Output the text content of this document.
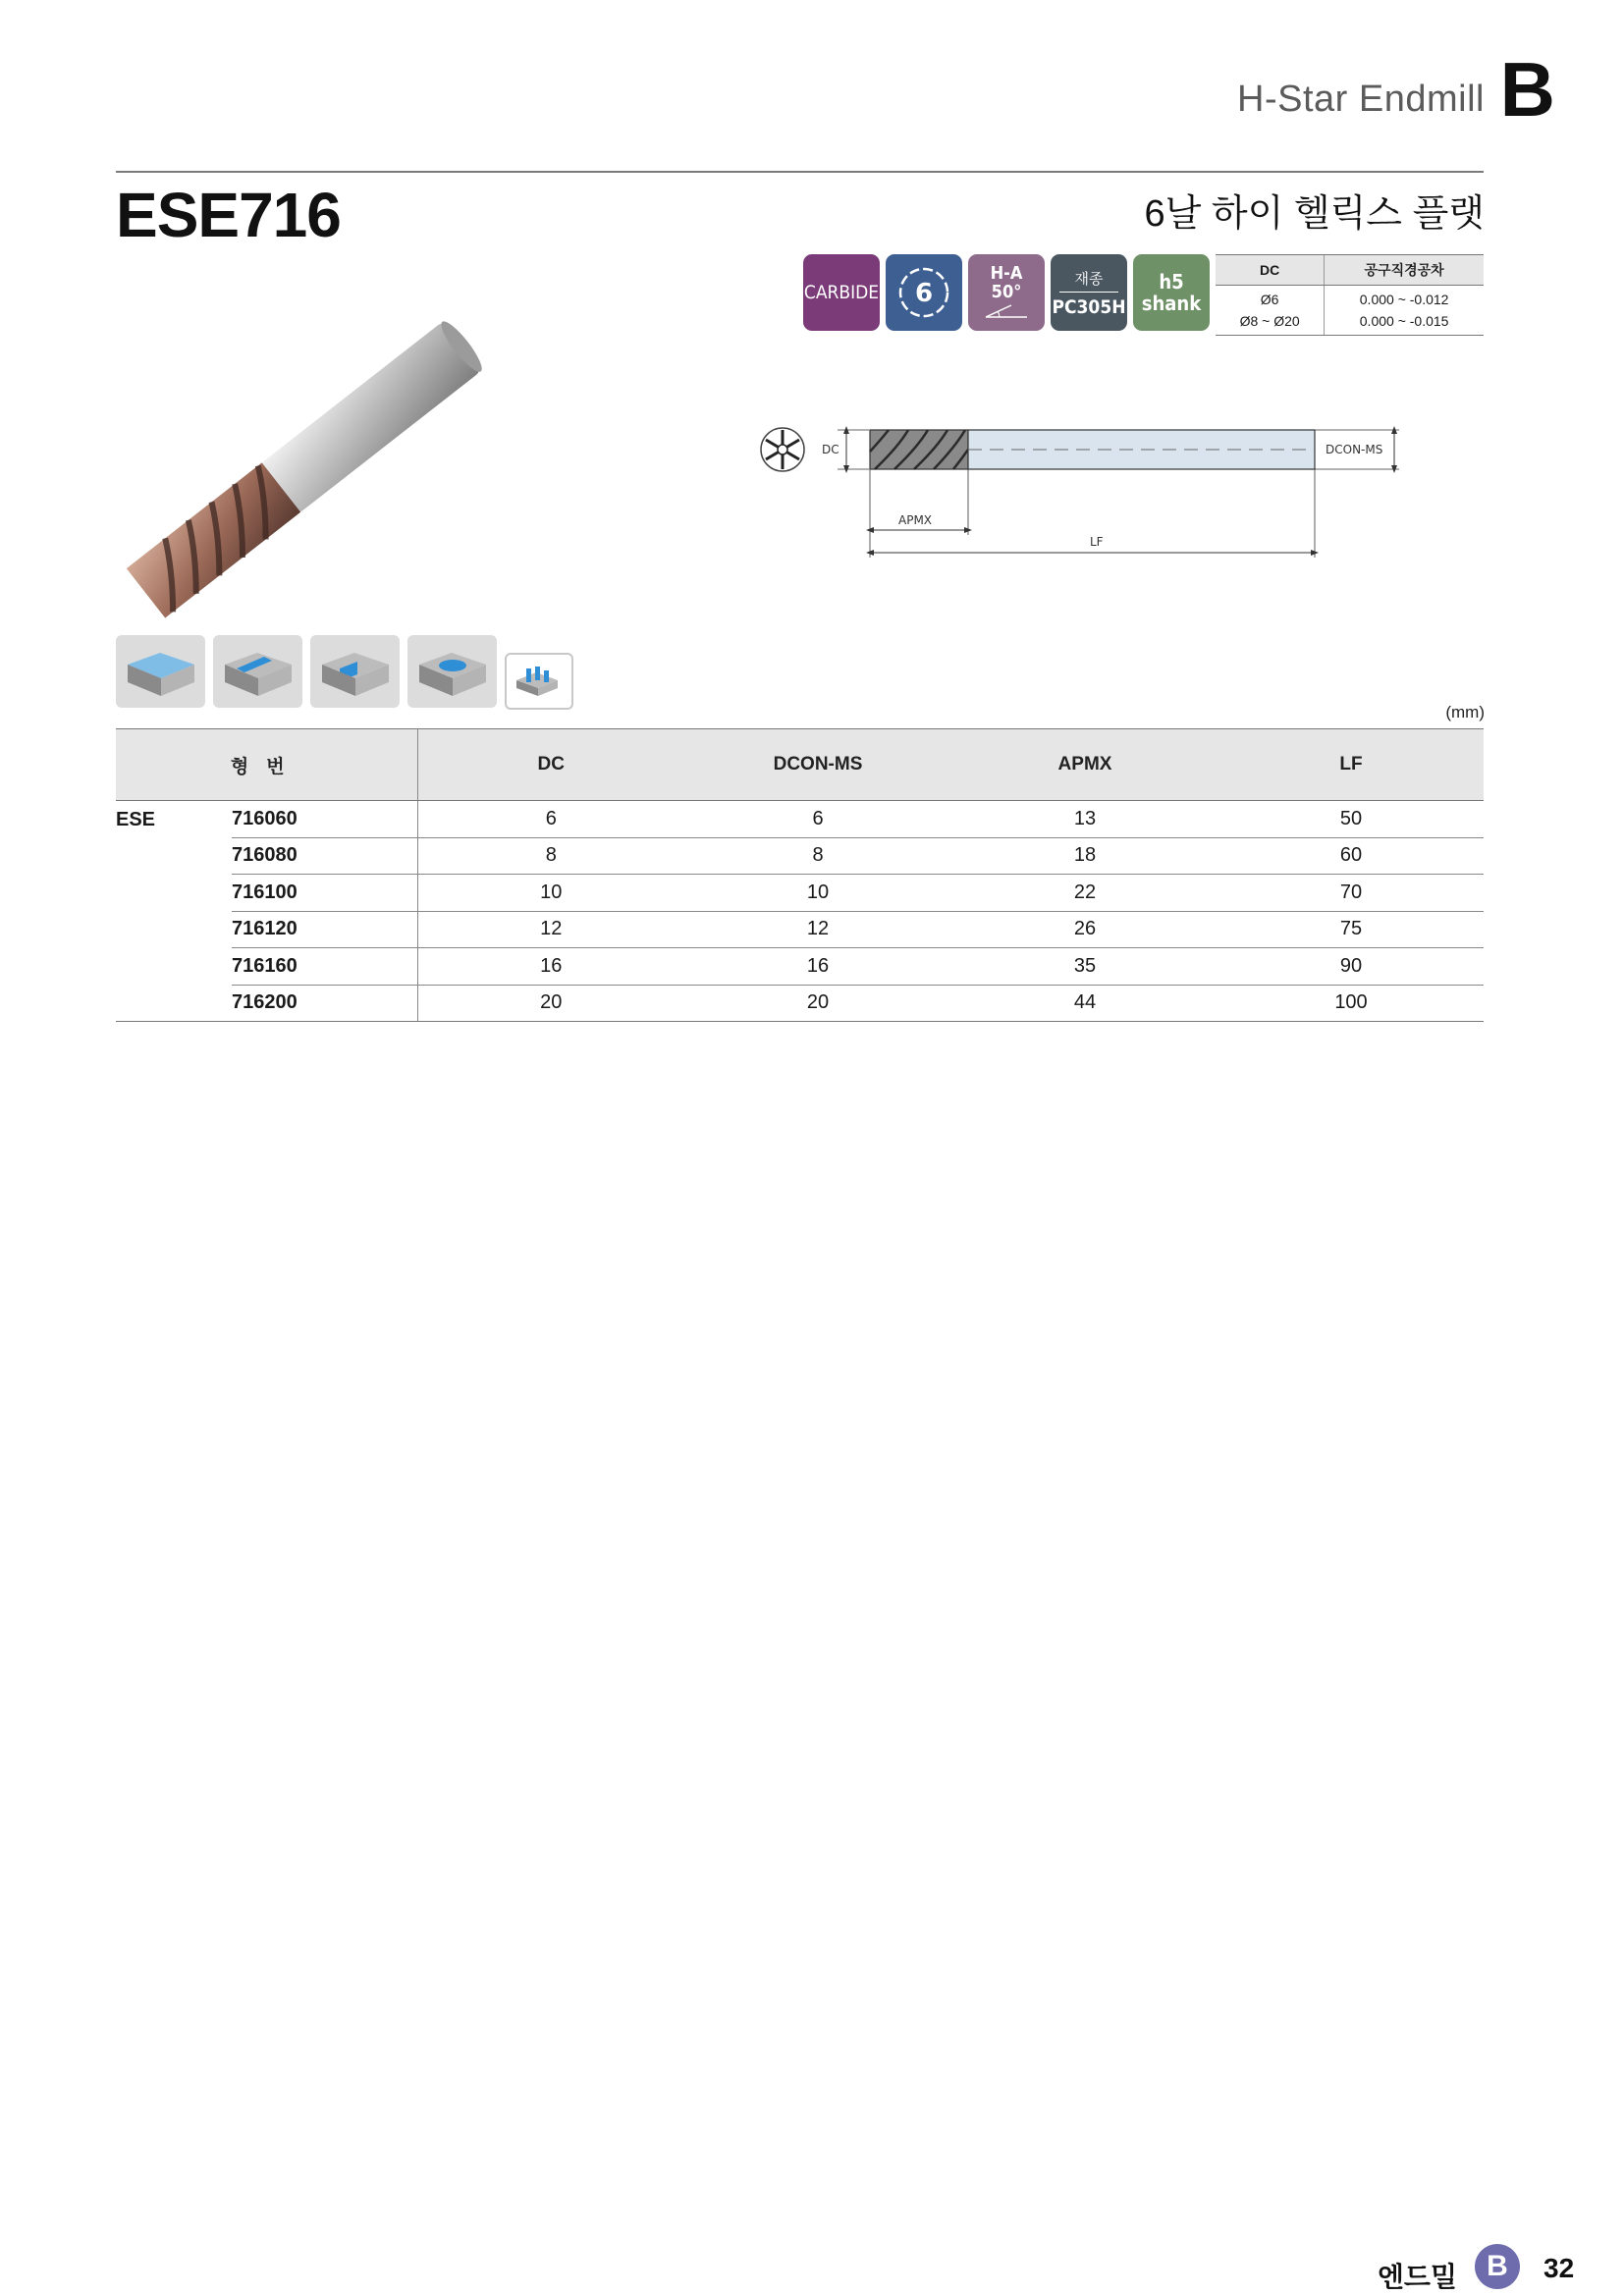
H-Star Endmill B
ESE716	6날 하이 헬릭스 플랫
CARBIDE 6
H-A
50°
재종
PC305H
h5
shank
DC	공구직경공차
Ø6	0.000 ~ -0.012
Ø8 ~ Ø20	0.000 ~ -0.015
DC	DCON-MS
APMX
LF
(mm)
형번		DC	DCON-MS	APMX	LF
ESE	716060	6	6	13	50
	716080	8	8	18	60
	716100	10	10	22	70
	716120	12	12	26	75
	716160	16	16	35	90
	716200	20	20	44	100
엔드밀	B	32
